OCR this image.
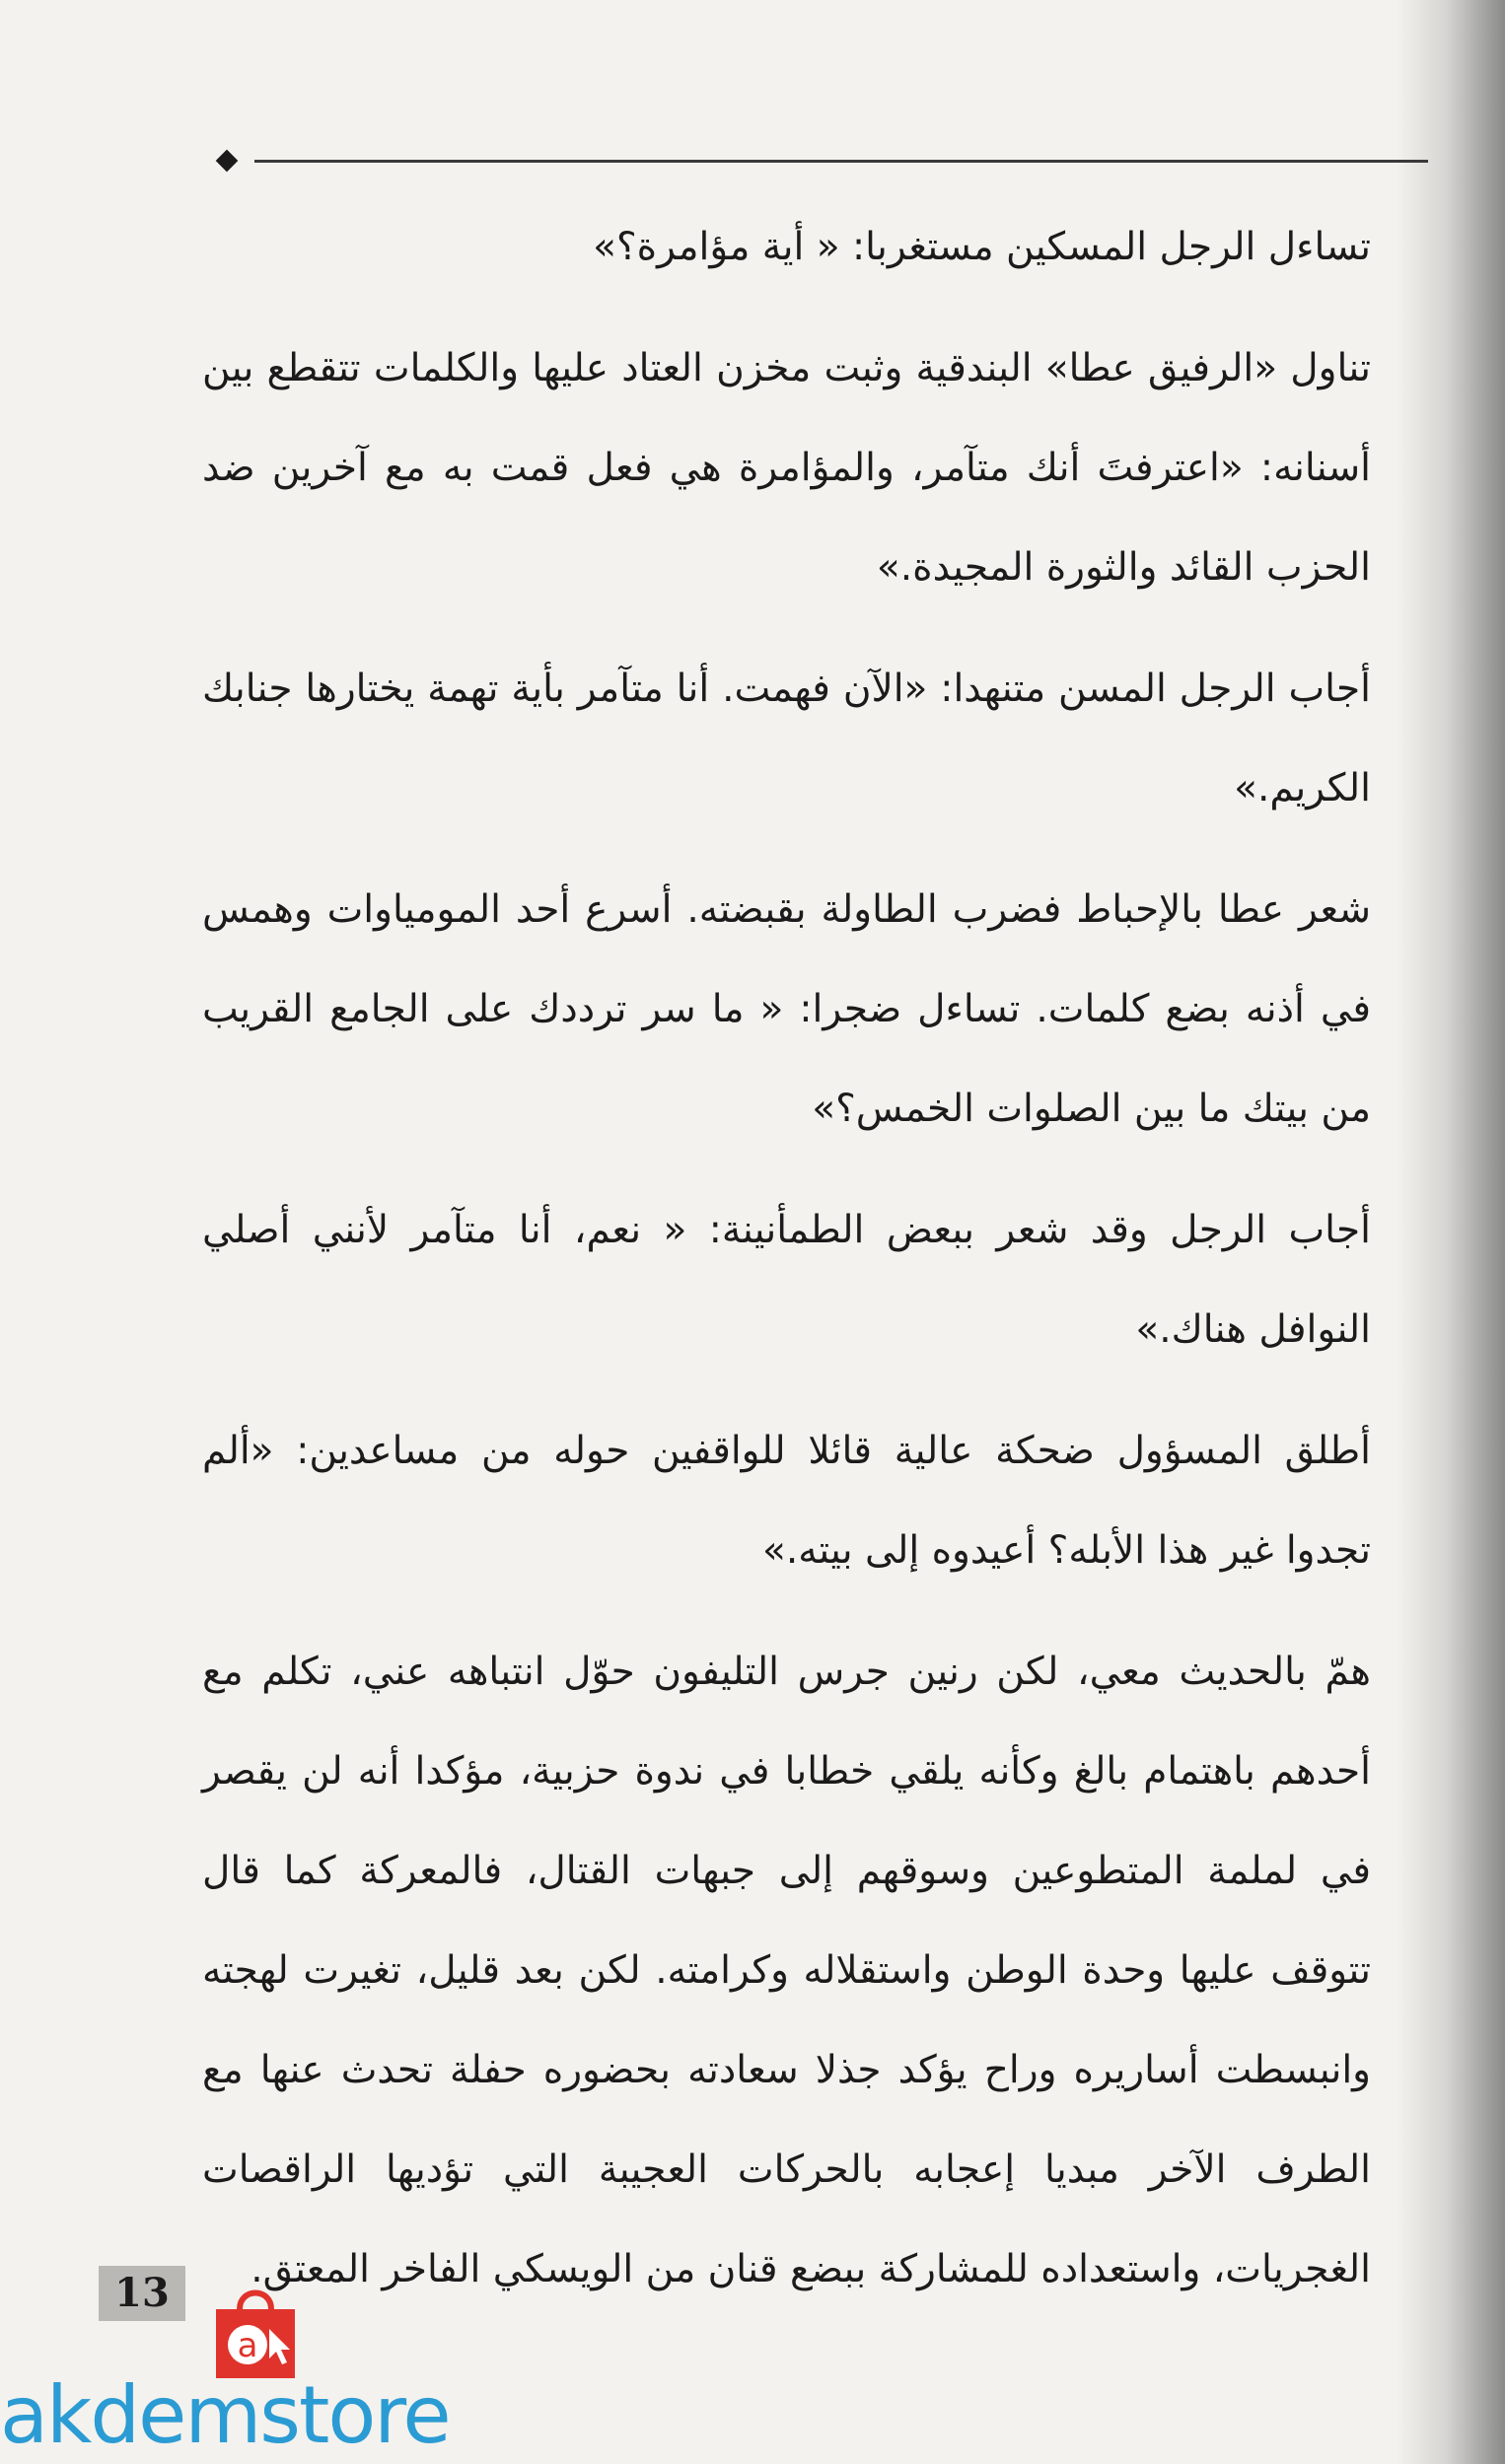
تساءل الرجل المسكين مستغربا: « أية مؤامرة؟»

تناول «الرفيق عطا» البندقية وثبت مخزن العتاد عليها والكلمات تتقطع بين أسنانه: «اعترفتَ أنك متآمر، والمؤامرة هي فعل قمت به مع آخرين ضد الحزب القائد والثورة المجيدة.»

أجاب الرجل المسن متنهدا: «الآن فهمت. أنا متآمر بأية تهمة يختارها جنابك الكريم.»

شعر عطا بالإحباط فضرب الطاولة بقبضته. أسرع أحد المومياوات وهمس في أذنه بضع كلمات. تساءل ضجرا: « ما سر ترددك على الجامع القريب من بيتك ما بين الصلوات الخمس؟»

أجاب الرجل وقد شعر ببعض الطمأنينة: « نعم، أنا متآمر لأنني أصلي النوافل هناك.»

أطلق المسؤول ضحكة عالية قائلا للواقفين حوله من مساعدين: «ألم تجدوا غير هذا الأبله؟ أعيدوه إلى بيته.»

همّ بالحديث معي، لكن رنين جرس التليفون حوّل انتباهه عني، تكلم مع أحدهم باهتمام بالغ وكأنه يلقي خطابا في ندوة حزبية، مؤكدا أنه لن يقصر في لملمة المتطوعين وسوقهم إلى جبهات القتال، فالمعركة كما قال تتوقف عليها وحدة الوطن واستقلاله وكرامته. لكن بعد قليل، تغيرت لهجته وانبسطت أساريره وراح يؤكد جذلا سعادته بحضوره حفلة تحدث عنها مع الطرف الآخر مبديا إعجابه بالحركات العجيبة التي تؤديها الراقصات الغجريات، واستعداده للمشاركة ببضع قنان من الويسكي الفاخر المعتق.

13
a
akdemstore
